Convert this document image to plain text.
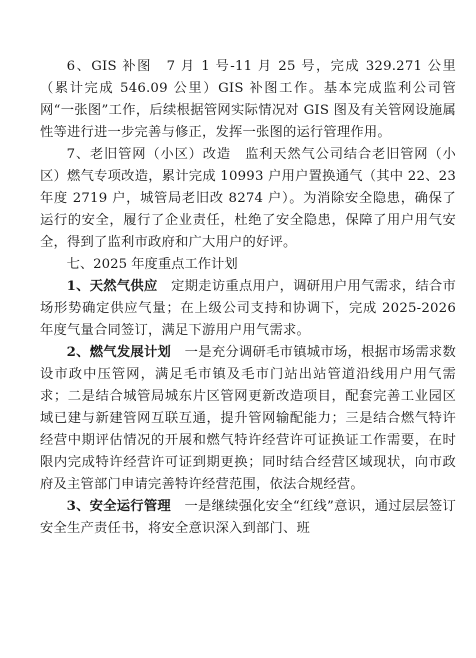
6、GIS 补图　7 月 1 号-11 月 25 号，完成 329.271 公里（累计完成 546.09 公里）GIS 补图工作。基本完成监利公司管网“一张图”工作，后续根据管网实际情况对 GIS 图及有关管网设施属性等进行进一步完善与修正，发挥一张图的运行管理作用。

7、老旧管网（小区）改造　监利天然气公司结合老旧管网（小区）燃气专项改造，累计完成 10993 户用户置换通气（其中 22、23 年度 2719 户，城管局老旧改 8274 户）。为消除安全隐患，确保了运行的安全，履行了企业责任，杜绝了安全隐患，保障了用户用气安全，得到了监利市政府和广大用户的好评。

七、2025 年度重点工作计划

1、天然气供应　定期走访重点用户，调研用户用气需求，结合市场形势确定供应气量；在上级公司支持和协调下，完成 2025-2026 年度气量合同签订，满足下游用户用气需求。

2、燃气发展计划　一是充分调研毛市镇城市场，根据市场需求数设市政中压管网，满足毛市镇及毛市门站出站管道沿线用户用气需求；二是结合城管局城东片区管网更新改造项目，配套完善工业园区域已建与新建管网互联互通，提升管网输配能力；三是结合燃气特许经营中期评估情况的开展和燃气特许经营许可证换证工作需要，在时限内完成特许经营许可证到期更换；同时结合经营区域现状，向市政府及主管部门申请完善特许经营范围，依法合规经营。

3、安全运行管理　一是继续强化安全“红线”意识，通过层层签订安全生产责任书，将安全意识深入到部门、班
